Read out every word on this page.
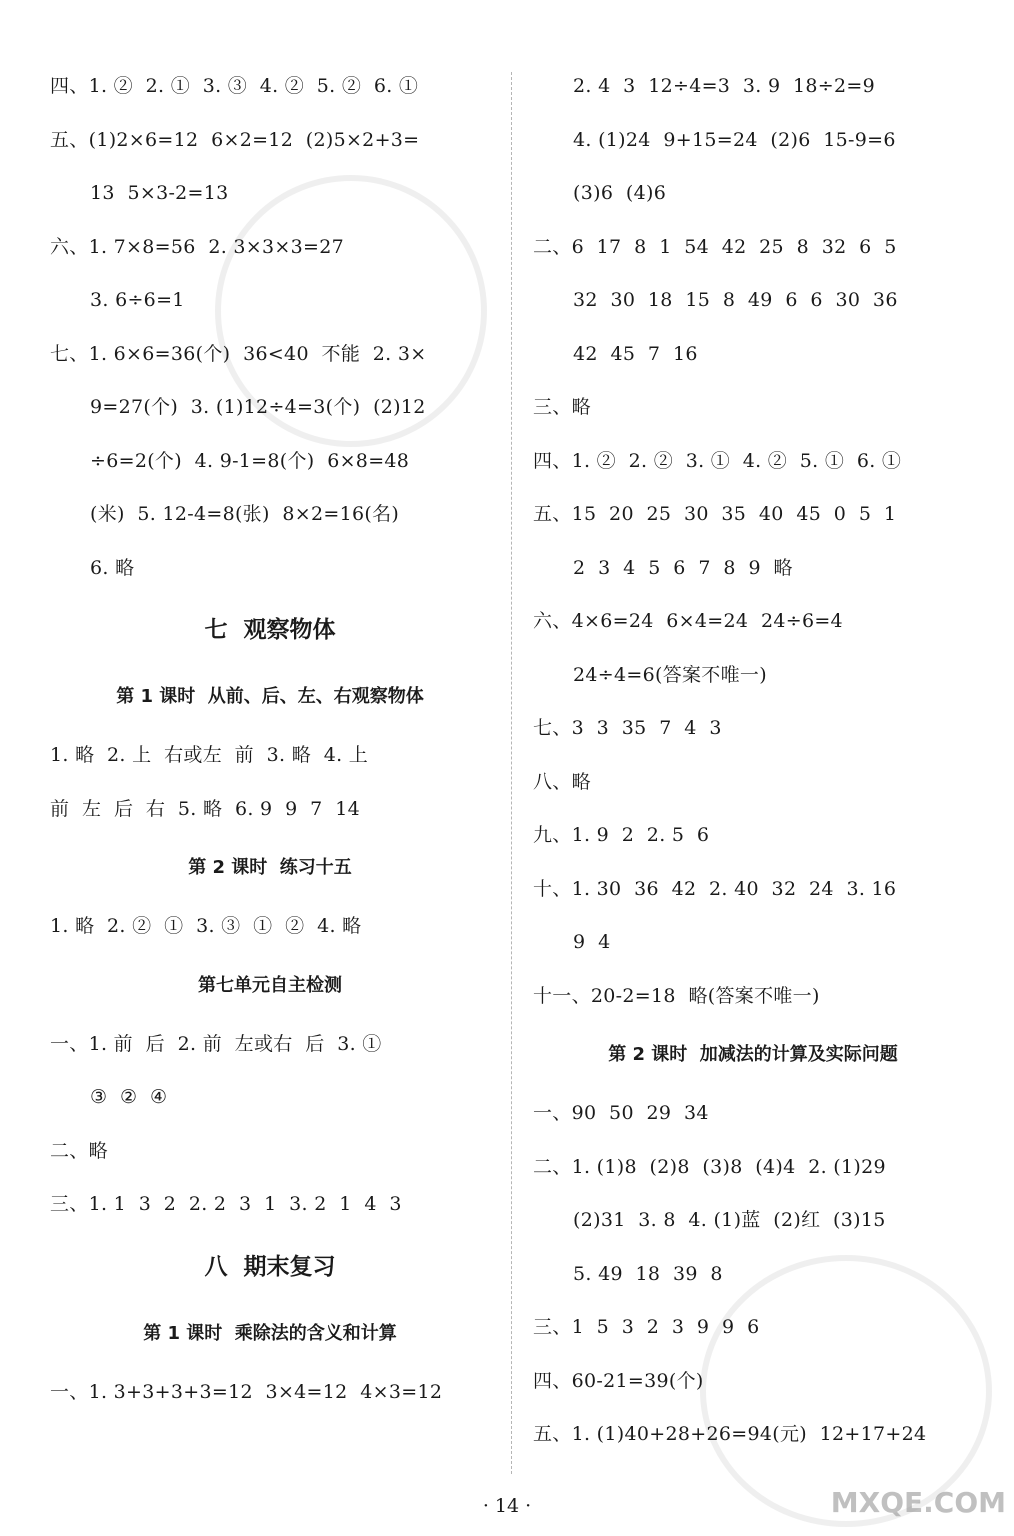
四、1. ②  2. ①  3. ③  4. ②  5. ②  6. ①
五、(1)2×6=12  6×2=12  (2)5×2+3=
13  5×3-2=13
六、1. 7×8=56  2. 3×3×3=27
3. 6÷6=1
七、1. 6×6=36(个)  36<40  不能  2. 3×
9=27(个)  3. (1)12÷4=3(个)  (2)12
÷6=2(个)  4. 9-1=8(个)  6×8=48
(米)  5. 12-4=8(张)  8×2=16(名)
6. 略
七  观察物体
第 1 课时  从前、后、左、右观察物体
1. 略  2. 上  右或左  前  3. 略  4. 上
前  左  后  右  5. 略  6. 9  9  7  14
第 2 课时  练习十五
1. 略  2. ②  ①  3. ③  ①  ②  4. 略
第七单元自主检测
一、1. 前  后  2. 前  左或右  后  3. ①
③  ②  ④
二、略
三、1. 1  3  2  2. 2  3  1  3. 2  1  4  3
八  期末复习
第 1 课时  乘除法的含义和计算
一、1. 3+3+3+3=12  3×4=12  4×3=12
2. 4  3  12÷4=3  3. 9  18÷2=9
4. (1)24  9+15=24  (2)6  15-9=6
(3)6  (4)6
二、6  17  8  1  54  42  25  8  32  6  5
32  30  18  15  8  49  6  6  30  36
42  45  7  16
三、略
四、1. ②  2. ②  3. ①  4. ②  5. ①  6. ①
五、15  20  25  30  35  40  45  0  5  1
2  3  4  5  6  7  8  9  略
六、4×6=24  6×4=24  24÷6=4
24÷4=6(答案不唯一)
七、3  3  35  7  4  3
八、略
九、1. 9  2  2. 5  6
十、1. 30  36  42  2. 40  32  24  3. 16
9  4
十一、20-2=18  略(答案不唯一)
第 2 课时  加减法的计算及实际问题
一、90  50  29  34
二、1. (1)8  (2)8  (3)8  (4)4  2. (1)29
(2)31  3. 8  4. (1)蓝  (2)红  (3)15
5. 49  18  39  8
三、1  5  3  2  3  9  9  6
四、60-21=39(个)
五、1. (1)40+28+26=94(元)  12+17+24
· 14 ·	MXQE.COM
